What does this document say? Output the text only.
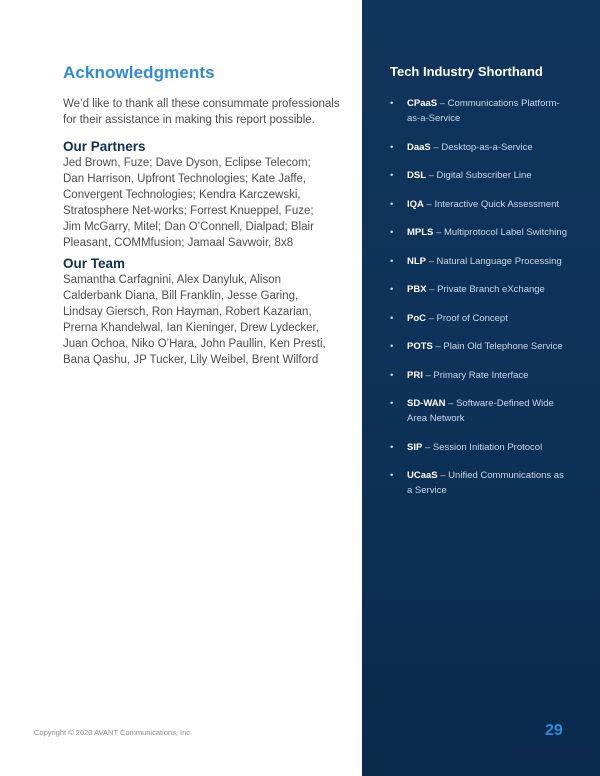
Acknowledgments

We’d like to thank all these consummate professionals for their assistance in making this report possible.

Our Partners

Jed Brown, Fuze; Dave Dyson, Eclipse Telecom; Dan Harrison, Upfront Technologies; Kate Jaffe, Convergent Technologies; Kendra Karczewski, Stratosphere Net-works; Forrest Knueppel, Fuze; Jim McGarry, Mitel; Dan O’Connell, Dialpad; Blair Pleasant, COMMfusion; Jamaal Savwoir, 8x8

Our Team

Samantha Carfagnini, Alex Danyluk, Alison Calderbank Diana, Bill Franklin, Jesse Garing, Lindsay Giersch, Ron Hayman, Robert Kazarian, Prerna Khandelwal, Ian Kieninger, Drew Lydecker, Juan Ochoa, Niko O’Hara, John Paullin, Ken Presti, Bana Qashu, JP Tucker, Lily Weibel, Brent Wilford

Tech Industry Shorthand
• CPaaS – Communications Platform-as-a-Service
• DaaS – Desktop-as-a-Service
• DSL – Digital Subscriber Line
• IQA – Interactive Quick Assessment
• MPLS – Multiprotocol Label Switching
• NLP – Natural Language Processing
• PBX – Private Branch eXchange
• PoC – Proof of Concept
• POTS – Plain Old Telephone Service
• PRI – Primary Rate Interface
• SD-WAN – Software-Defined Wide Area Network
• SIP – Session Initiation Protocol
• UCaaS – Unified Communications as a Service

Copyright © 2020 AVANT Communications, Inc.	29
